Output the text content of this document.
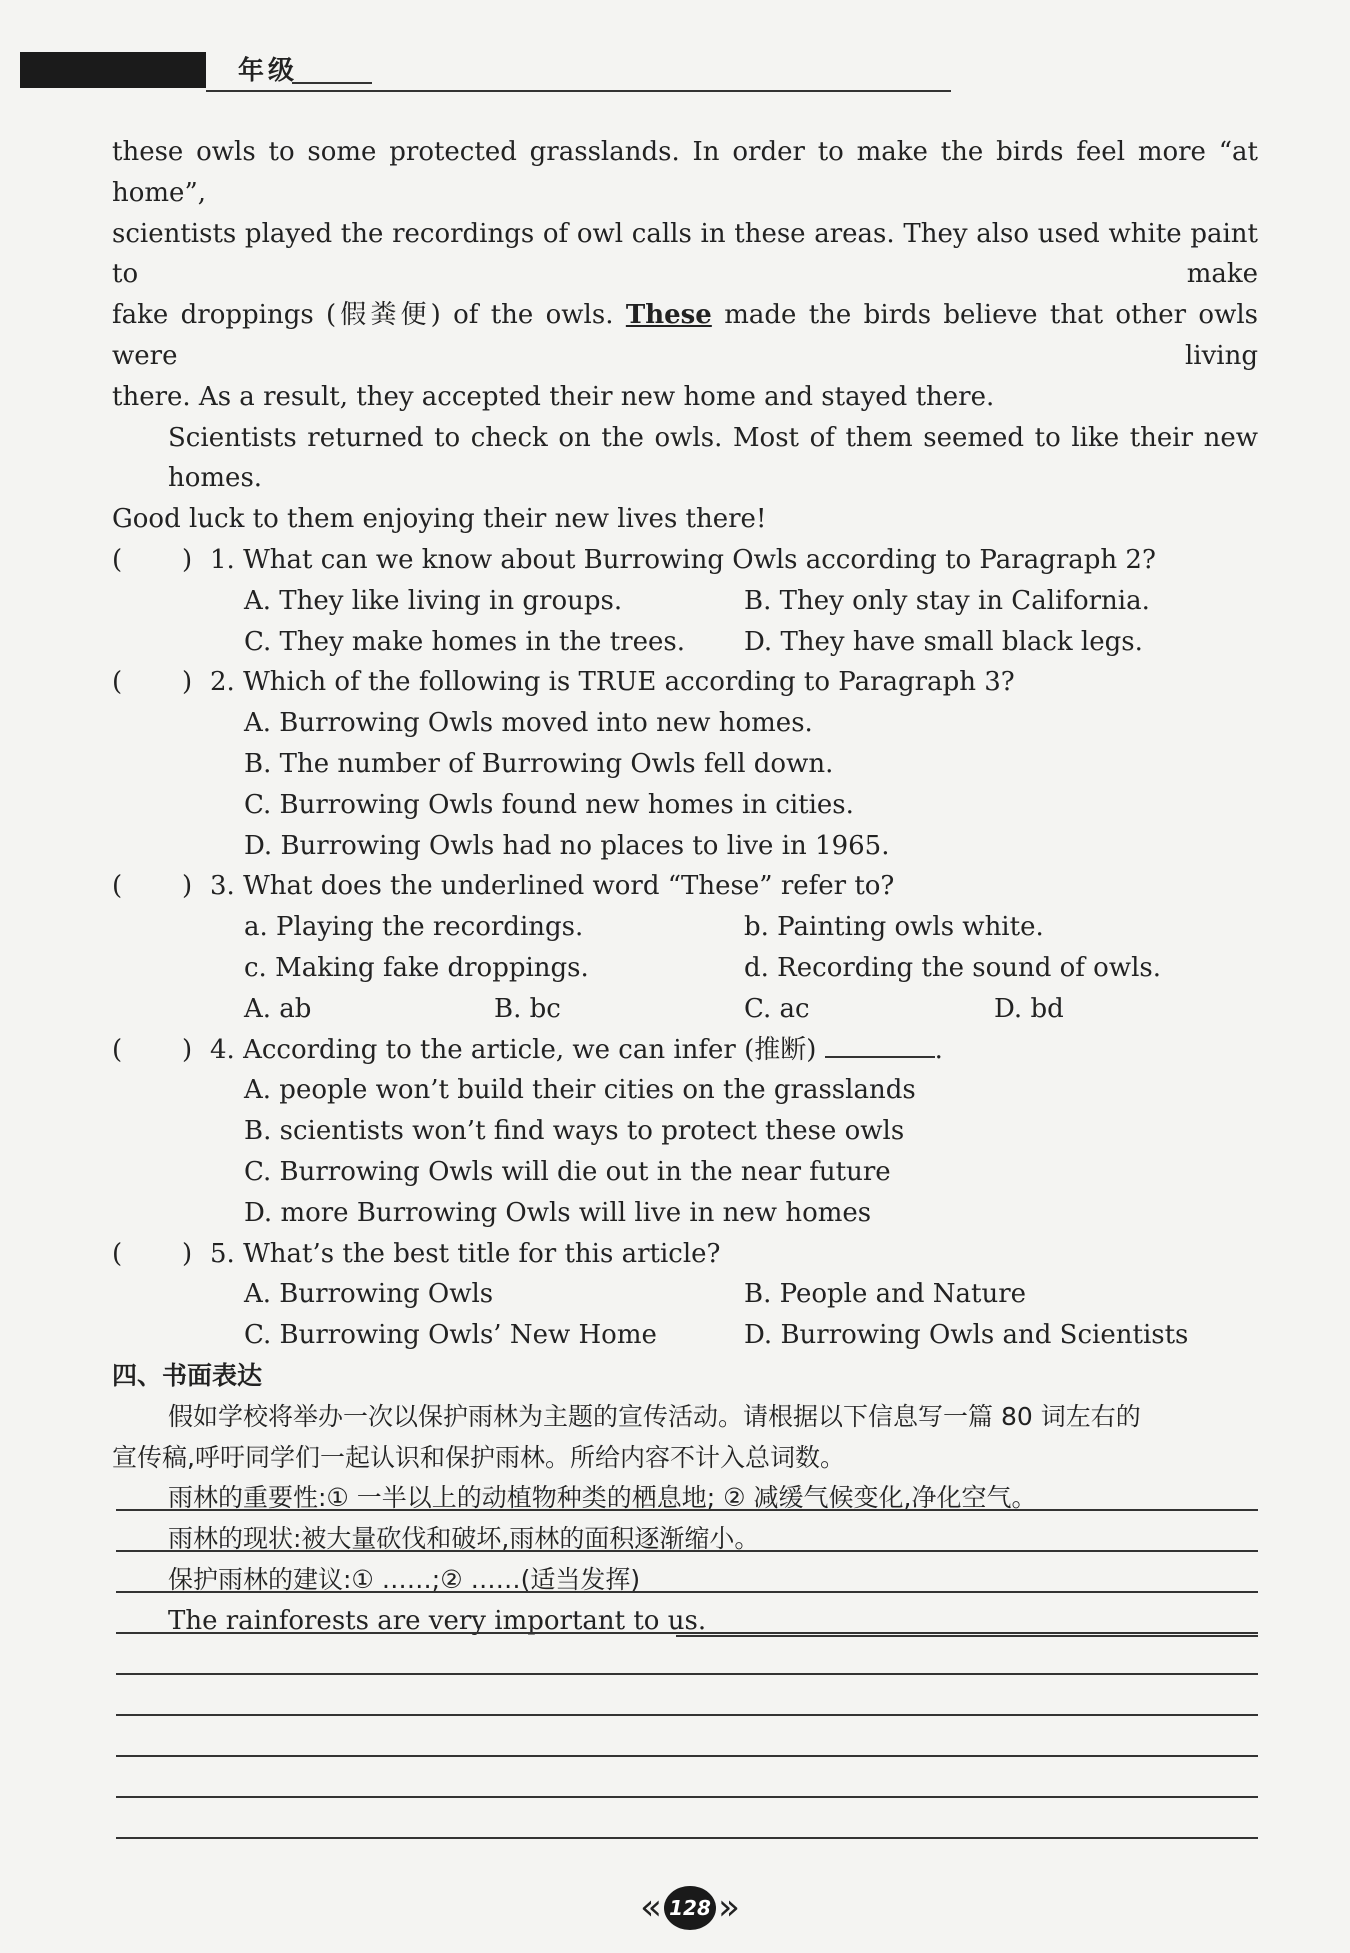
年级
these owls to some protected grasslands. In order to make the birds feel more “at home”,
scientists played the recordings of owl calls in these areas. They also used white paint to make
fake droppings (假粪便) of the owls. These made the birds believe that other owls were living
there. As a result, they accepted their new home and stayed there.
Scientists returned to check on the owls. Most of them seemed to like their new homes.
Good luck to them enjoying their new lives there!
( ) 1. What can we know about Burrowing Owls according to Paragraph 2?
A. They like living in groups.	B. They only stay in California.
C. They make homes in the trees. D. They have small black legs.
( ) 2. Which of the following is TRUE according to Paragraph 3?
A. Burrowing Owls moved into new homes.
B. The number of Burrowing Owls fell down.
C. Burrowing Owls found new homes in cities.
D. Burrowing Owls had no places to live in 1965.
( ) 3. What does the underlined word “These” refer to?
a. Playing the recordings.	b. Painting owls white.
c. Making fake droppings.	d. Recording the sound of owls.
A. ab	B. bc	C. ac	D. bd
( ) 4. According to the article, we can infer (推断)	.
A. people won’t build their cities on the grasslands
B. scientists won’t find ways to protect these owls
C. Burrowing Owls will die out in the near future
D. more Burrowing Owls will live in new homes
( ) 5. What’s the best title for this article?
A. Burrowing Owls	B. People and Nature
C. Burrowing Owls’ New Home	D. Burrowing Owls and Scientists
四、书面表达
假如学校将举办一次以保护雨林为主题的宣传活动。请根据以下信息写一篇 80 词左右的
宣传稿,呼吁同学们一起认识和保护雨林。所给内容不计入总词数。
雨林的重要性:① 一半以上的动植物种类的栖息地; ② 减缓气候变化,净化空气。
雨林的现状:被大量砍伐和破坏,雨林的面积逐渐缩小。
保护雨林的建议:① ……;② ……(适当发挥)
The rainforests are very important to us.
« 128 »
